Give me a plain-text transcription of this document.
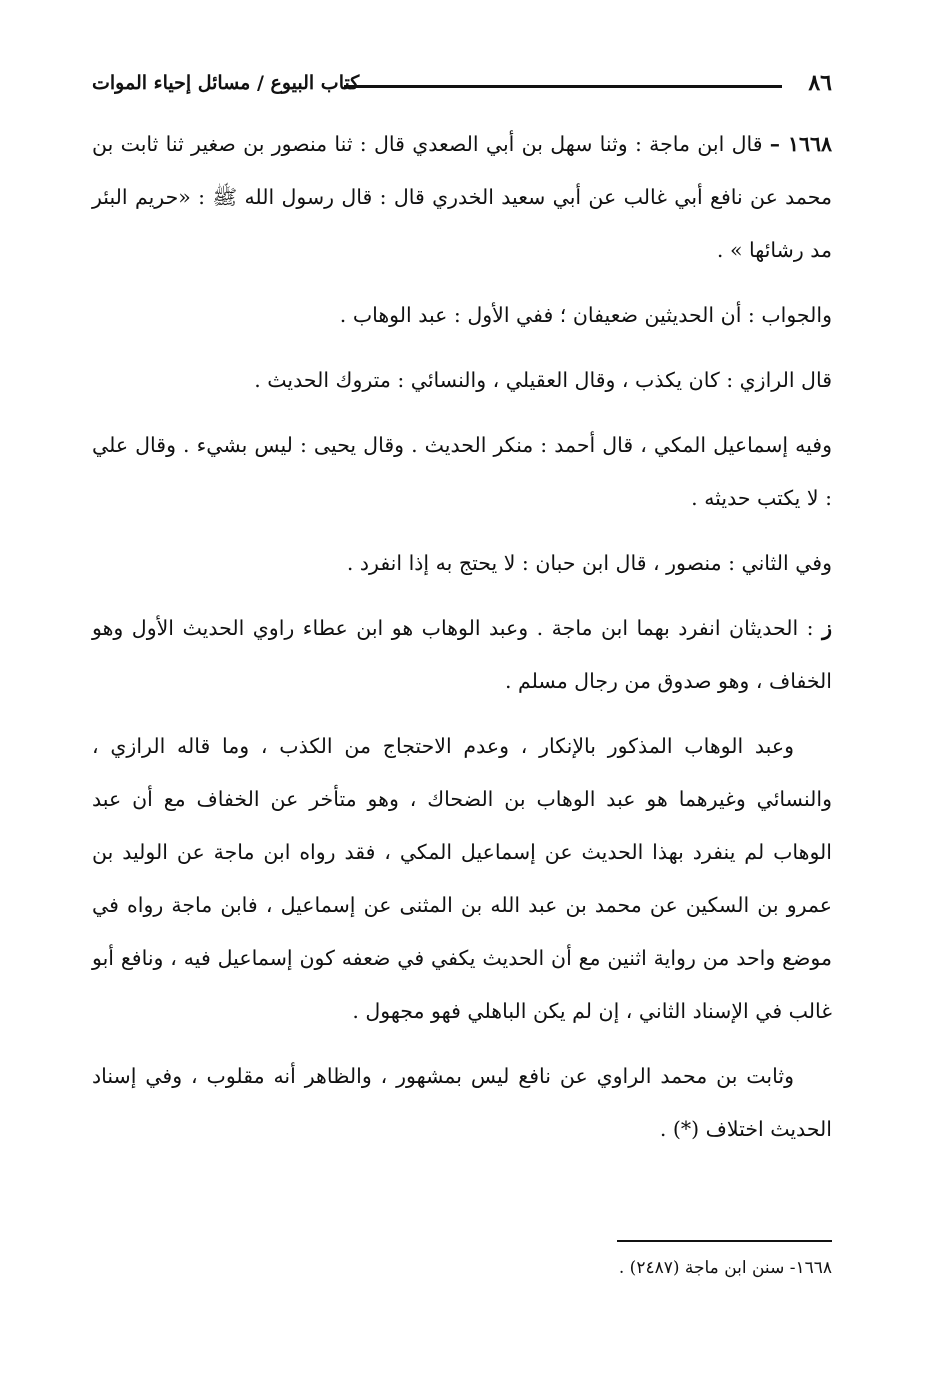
٨٦
كتاب البيوع / مسائل إحياء الموات

١٦٦٨ – قال ابن ماجة : وثنا سهل بن أبي الصعدي قال : ثنا منصور بن صغير ثنا ثابت بن محمد عن نافع أبي غالب عن أبي سعيد الخدري قال : قال رسول الله ﷺ : «حريم البئر مد رشائها » .

والجواب : أن الحديثين ضعيفان ؛ ففي الأول : عبد الوهاب .

قال الرازي : كان يكذب ، وقال العقيلي ، والنسائي : متروك الحديث .

وفيه إسماعيل المكي ، قال أحمد : منكر الحديث . وقال يحيى : ليس بشيء . وقال علي : لا يكتب حديثه .

وفي الثاني : منصور ، قال ابن حبان : لا يحتج به إذا انفرد .

ز : الحديثان انفرد بهما ابن ماجة . وعبد الوهاب هو ابن عطاء راوي الحديث الأول وهو الخفاف ، وهو صدوق من رجال مسلم .

وعبد الوهاب المذكور بالإنكار ، وعدم الاحتجاج من الكذب ، وما قاله الرازي ، والنسائي وغيرهما هو عبد الوهاب بن الضحاك ، وهو متأخر عن الخفاف مع أن عبد الوهاب لم ينفرد بهذا الحديث عن إسماعيل المكي ، فقد رواه ابن ماجة عن الوليد بن عمرو بن السكين عن محمد بن عبد الله بن المثنى عن إسماعيل ، فابن ماجة رواه في موضع واحد من رواية اثنين مع أن الحديث يكفي في ضعفه كون إسماعيل فيه ، ونافع أبو غالب في الإسناد الثاني ، إن لم يكن الباهلي فهو مجهول .

وثابت بن محمد الراوي عن نافع ليس بمشهور ، والظاهر أنه مقلوب ، وفي إسناد الحديث اختلاف (*) .

١٦٦٨- سنن ابن ماجة (٢٤٨٧) .
